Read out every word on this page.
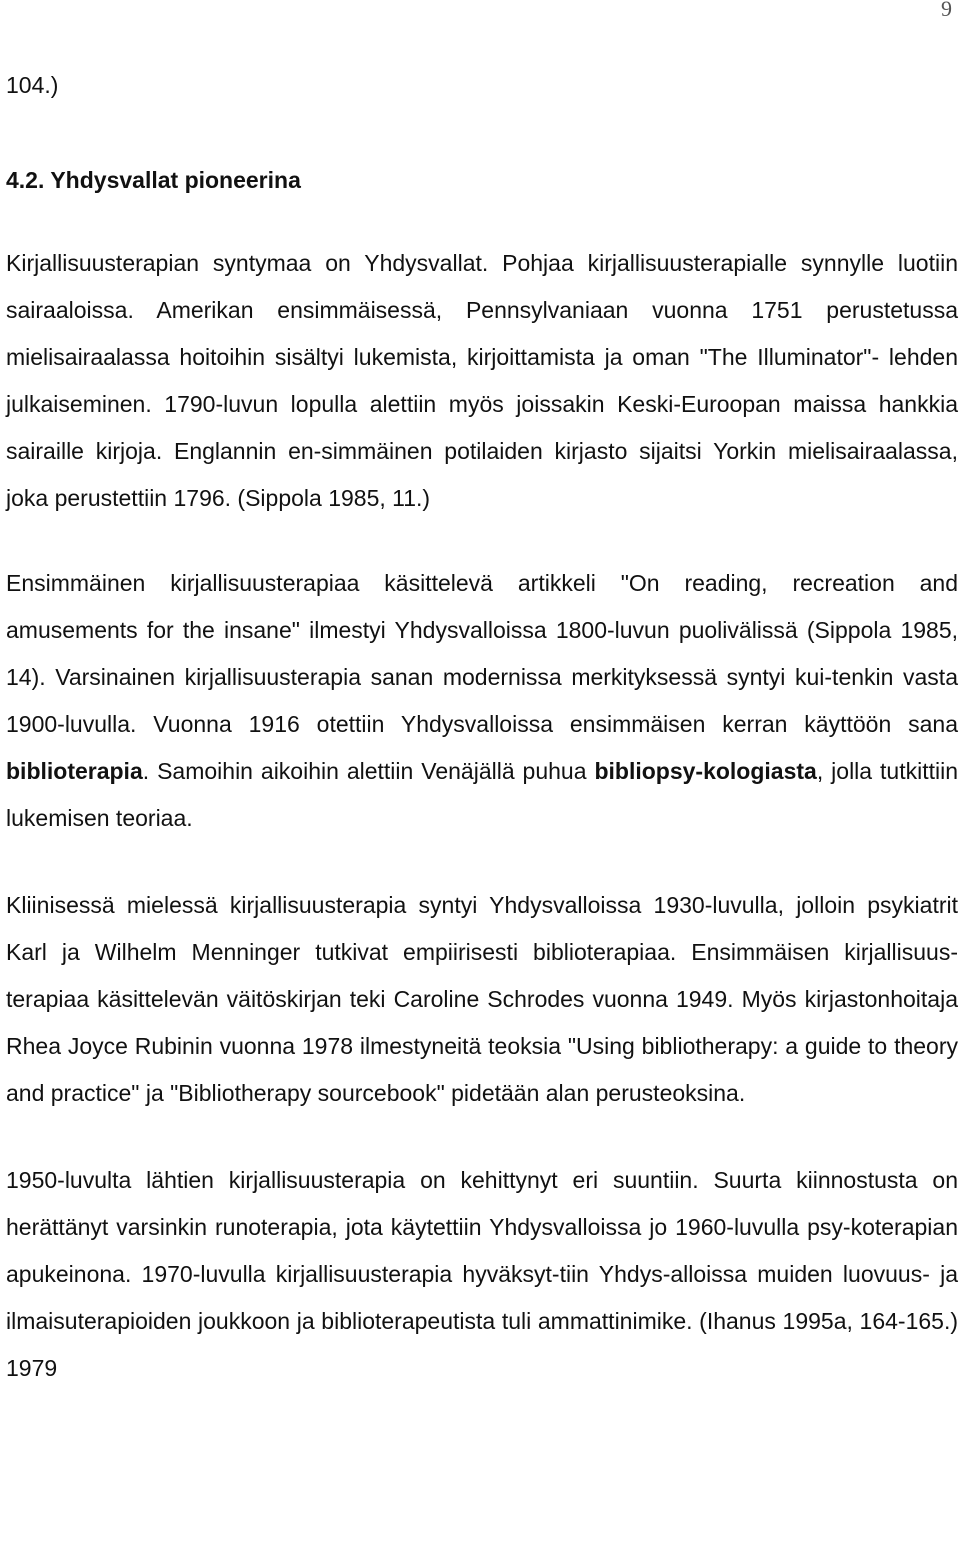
9

104.)

4.2. Yhdysvallat pioneerina

Kirjallisuusterapian syntymaa on Yhdysvallat. Pohjaa kirjallisuusterapialle synnylle luotiin sairaaloissa. Amerikan ensimmäisessä, Pennsylvaniaan vuonna 1751 perustetussa mielisairaalassa hoitoihin sisältyi lukemista, kirjoittamista ja oman "The Illuminator"- lehden julkaiseminen. 1790-luvun lopulla alettiin myös joissakin Keski-Euroopan maissa hankkia sairaille kirjoja. Englannin en-simmäinen potilaiden kirjasto sijaitsi Yorkin mielisairaalassa, joka perustettiin 1796. (Sippola 1985, 11.)

Ensimmäinen kirjallisuusterapiaa käsittelevä artikkeli "On reading, recreation and amusements for the insane" ilmestyi Yhdysvalloissa 1800-luvun puolivälissä (Sippola 1985, 14). Varsinainen kirjallisuusterapia sanan modernissa merkityksessä syntyi kui-tenkin vasta 1900-luvulla. Vuonna 1916 otettiin Yhdysvalloissa ensimmäisen kerran käyttöön sana biblioterapia. Samoihin aikoihin alettiin Venäjällä puhua bibliopsy-kologiasta, jolla tutkittiin lukemisen teoriaa.

Kliinisessä mielessä kirjallisuusterapia syntyi Yhdysvalloissa 1930-luvulla, jolloin psykiatrit Karl ja Wilhelm Menninger tutkivat empiirisesti biblioterapiaa. Ensimmäisen kirjallisuus-terapiaa käsittelevän väitöskirjan teki Caroline Schrodes vuonna 1949. Myös kirjastonhoitaja Rhea Joyce Rubinin vuonna 1978 ilmestyneitä teoksia "Using bibliotherapy: a guide to theory and practice" ja "Bibliotherapy sourcebook" pidetään alan perusteoksina.

1950-luvulta lähtien kirjallisuusterapia on kehittynyt eri suuntiin. Suurta kiinnostusta on herättänyt varsinkin runoterapia, jota käytettiin Yhdysvalloissa jo 1960-luvulla psy-koterapian apukeinona. 1970-luvulla kirjallisuusterapia hyväksyt-tiin Yhdys-alloissa muiden luovuus- ja ilmaisuterapioiden joukkoon ja biblioterapeutista tuli ammattinimike. (Ihanus 1995a, 164-165.) 1979
